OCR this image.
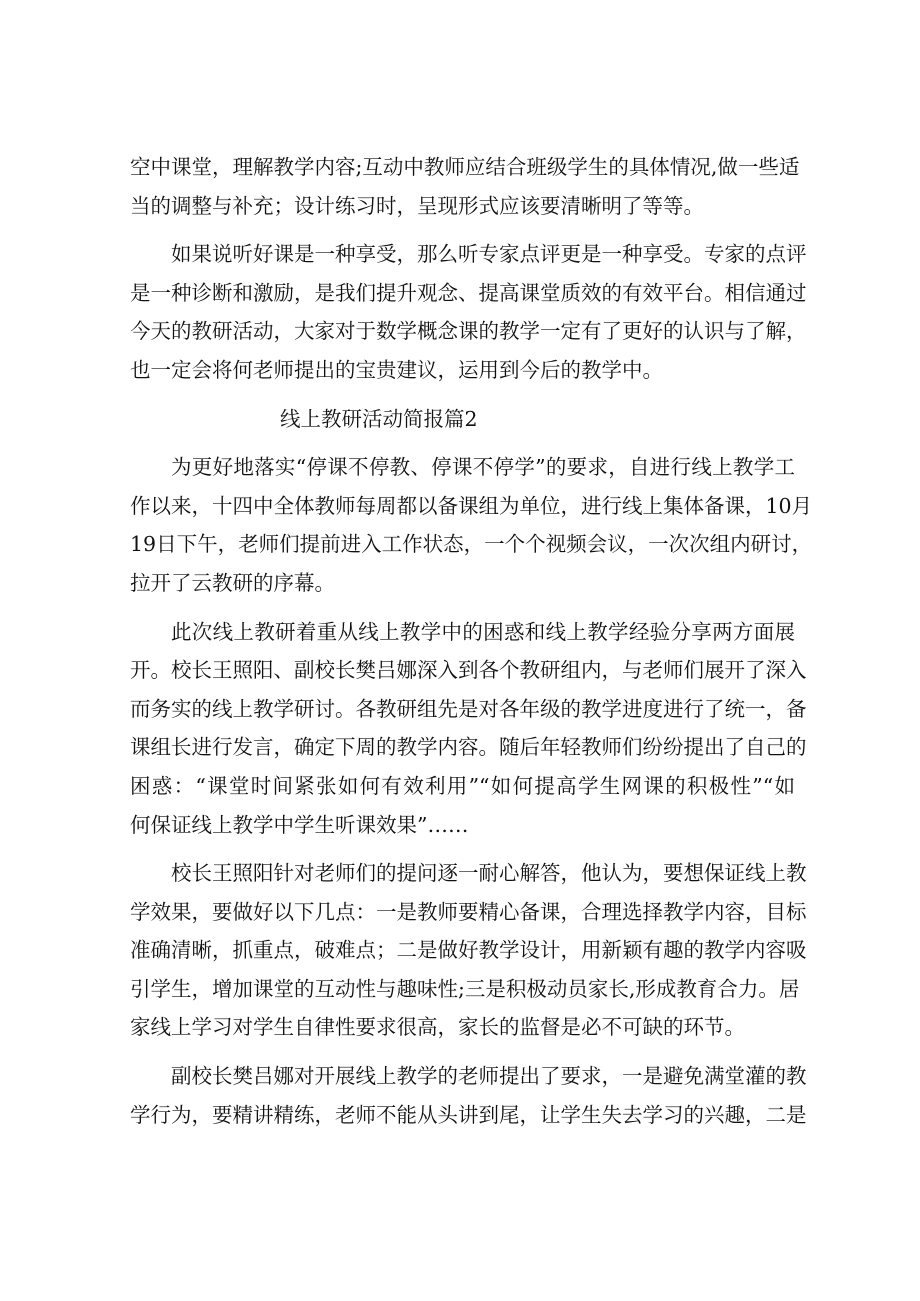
空中课堂，理解教学内容;互动中教师应结合班级学生的具体情况,做一些适
当的调整与补充；设计练习时，呈现形式应该要清晰明了等等。
如果说听好课是一种享受，那么听专家点评更是一种享受。专家的点评
是一种诊断和激励，是我们提升观念、提高课堂质效的有效平台。相信通过
今天的教研活动，大家对于数学概念课的教学一定有了更好的认识与了解，
也一定会将何老师提出的宝贵建议，运用到今后的教学中。
线上教研活动简报篇2
为更好地落实“停课不停教、停课不停学”的要求，自进行线上教学工
作以来，十四中全体教师每周都以备课组为单位，进行线上集体备课，10月
19日下午，老师们提前进入工作状态，一个个视频会议，一次次组内研讨，
拉开了云教研的序幕。
此次线上教研着重从线上教学中的困惑和线上教学经验分享两方面展
开。校长王照阳、副校长樊吕娜深入到各个教研组内，与老师们展开了深入
而务实的线上教学研讨。各教研组先是对各年级的教学进度进行了统一，备
课组长进行发言，确定下周的教学内容。随后年轻教师们纷纷提出了自己的
困惑：“课堂时间紧张如何有效利用”“如何提高学生网课的积极性”“如
何保证线上教学中学生听课效果”……
校长王照阳针对老师们的提问逐一耐心解答，他认为，要想保证线上教
学效果，要做好以下几点：一是教师要精心备课，合理选择教学内容，目标
准确清晰，抓重点，破难点；二是做好教学设计，用新颖有趣的教学内容吸
引学生，增加课堂的互动性与趣味性;三是积极动员家长,形成教育合力。居
家线上学习对学生自律性要求很高，家长的监督是必不可缺的环节。
副校长樊吕娜对开展线上教学的老师提出了要求，一是避免满堂灌的教
学行为，要精讲精练，老师不能从头讲到尾，让学生失去学习的兴趣，二是
